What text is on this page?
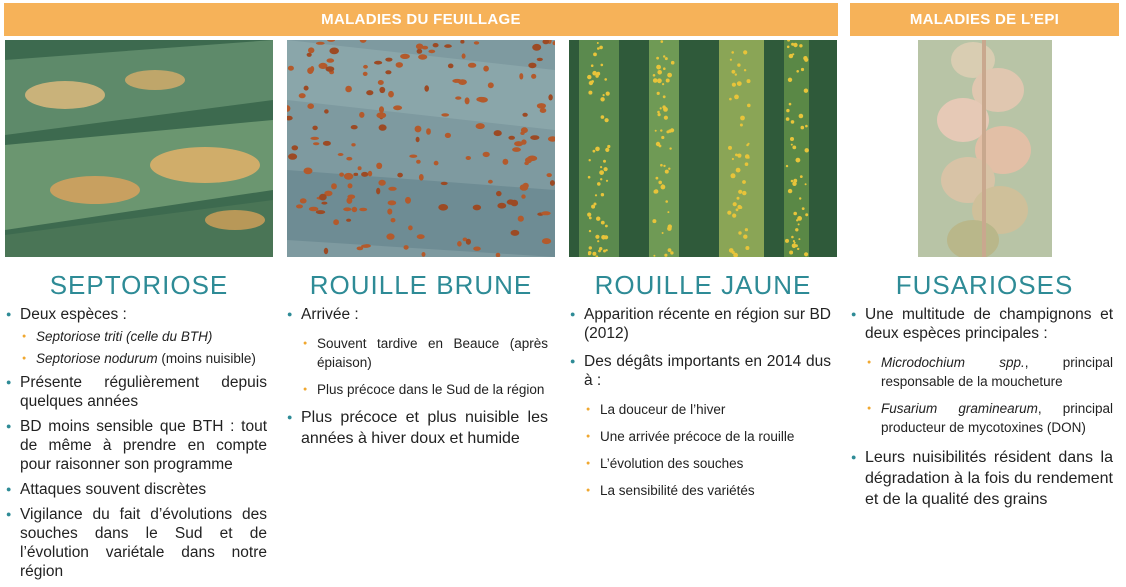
MALADIES DU FEUILLAGE	MALADIES DE L’EPI
SEPTORIOSE	ROUILLE BRUNE	ROUILLE JAUNE	FUSARIOSES
● Deux espèces :
● Septoriose triti (celle du BTH)
● Septoriose nodurum (moins nuisible)
● Présente régulièrement depuis quelques années
● BD moins sensible que BTH : tout de même à prendre en compte pour raisonner son programme
● Attaques souvent discrètes
● Vigilance du fait d’évolutions des souches dans le Sud et de l’évolution variétale dans notre région
● Arrivée :
● Souvent tardive en Beauce (après épiaison)
● Plus précoce dans le Sud de la région
● Plus précoce et plus nuisible les années à hiver doux et humide
● Apparition récente en région sur BD (2012)
● Des dégâts importants en 2014 dus à :
● La douceur de l’hiver
● Une arrivée précoce de la rouille
● L’évolution des souches
● La sensibilité des variétés
● Une multitude de champignons et deux espèces principales :
● Microdochium spp., principal responsable de la moucheture
● Fusarium graminearum, principal producteur de mycotoxines (DON)
● Leurs nuisibilités résident dans la dégradation à la fois du rendement et de la qualité des grains
